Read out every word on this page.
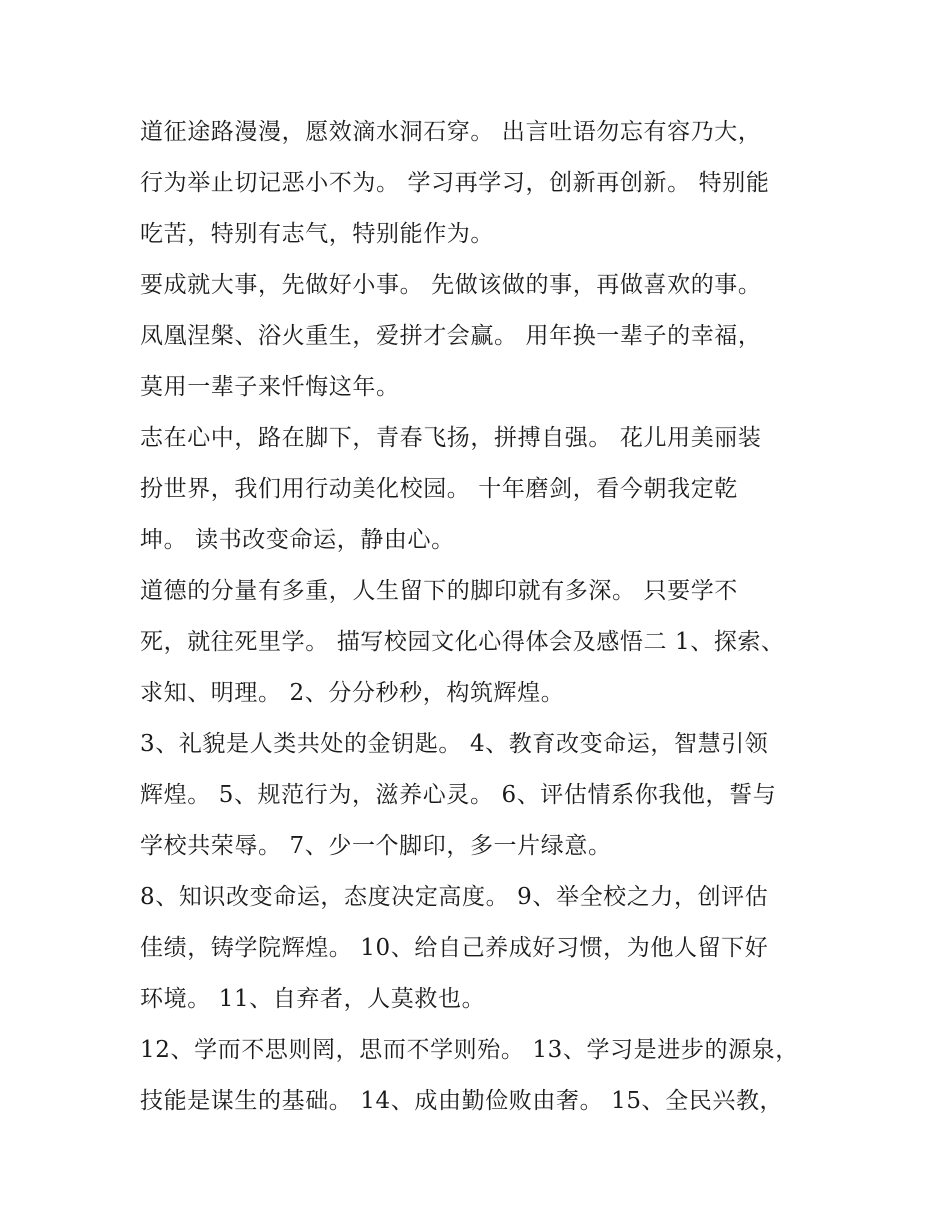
道征途路漫漫，愿效滴水洞石穿。 出言吐语勿忘有容乃大，
行为举止切记恶小不为。 学习再学习，创新再创新。 特别能
吃苦，特别有志气，特别能作为。
要成就大事，先做好小事。 先做该做的事，再做喜欢的事。
凤凰涅槃、浴火重生，爱拼才会赢。 用年换一辈子的幸福，
莫用一辈子来忏悔这年。
志在心中，路在脚下，青春飞扬，拼搏自强。 花儿用美丽装
扮世界，我们用行动美化校园。 十年磨剑，看今朝我定乾
坤。 读书改变命运，静由心。
道德的分量有多重，人生留下的脚印就有多深。 只要学不
死，就往死里学。 描写校园文化心得体会及感悟二 1、探索、
求知、明理。 2、分分秒秒，构筑辉煌。
3、礼貌是人类共处的金钥匙。 4、教育改变命运，智慧引领
辉煌。 5、规范行为，滋养心灵。 6、评估情系你我他，誓与
学校共荣辱。 7、少一个脚印，多一片绿意。
8、知识改变命运，态度决定高度。 9、举全校之力，创评估
佳绩，铸学院辉煌。 10、给自己养成好习惯，为他人留下好
环境。 11、自弃者，人莫救也。
12、学而不思则罔，思而不学则殆。 13、学习是进步的源泉，
技能是谋生的基础。 14、成由勤俭败由奢。 15、全民兴教，
